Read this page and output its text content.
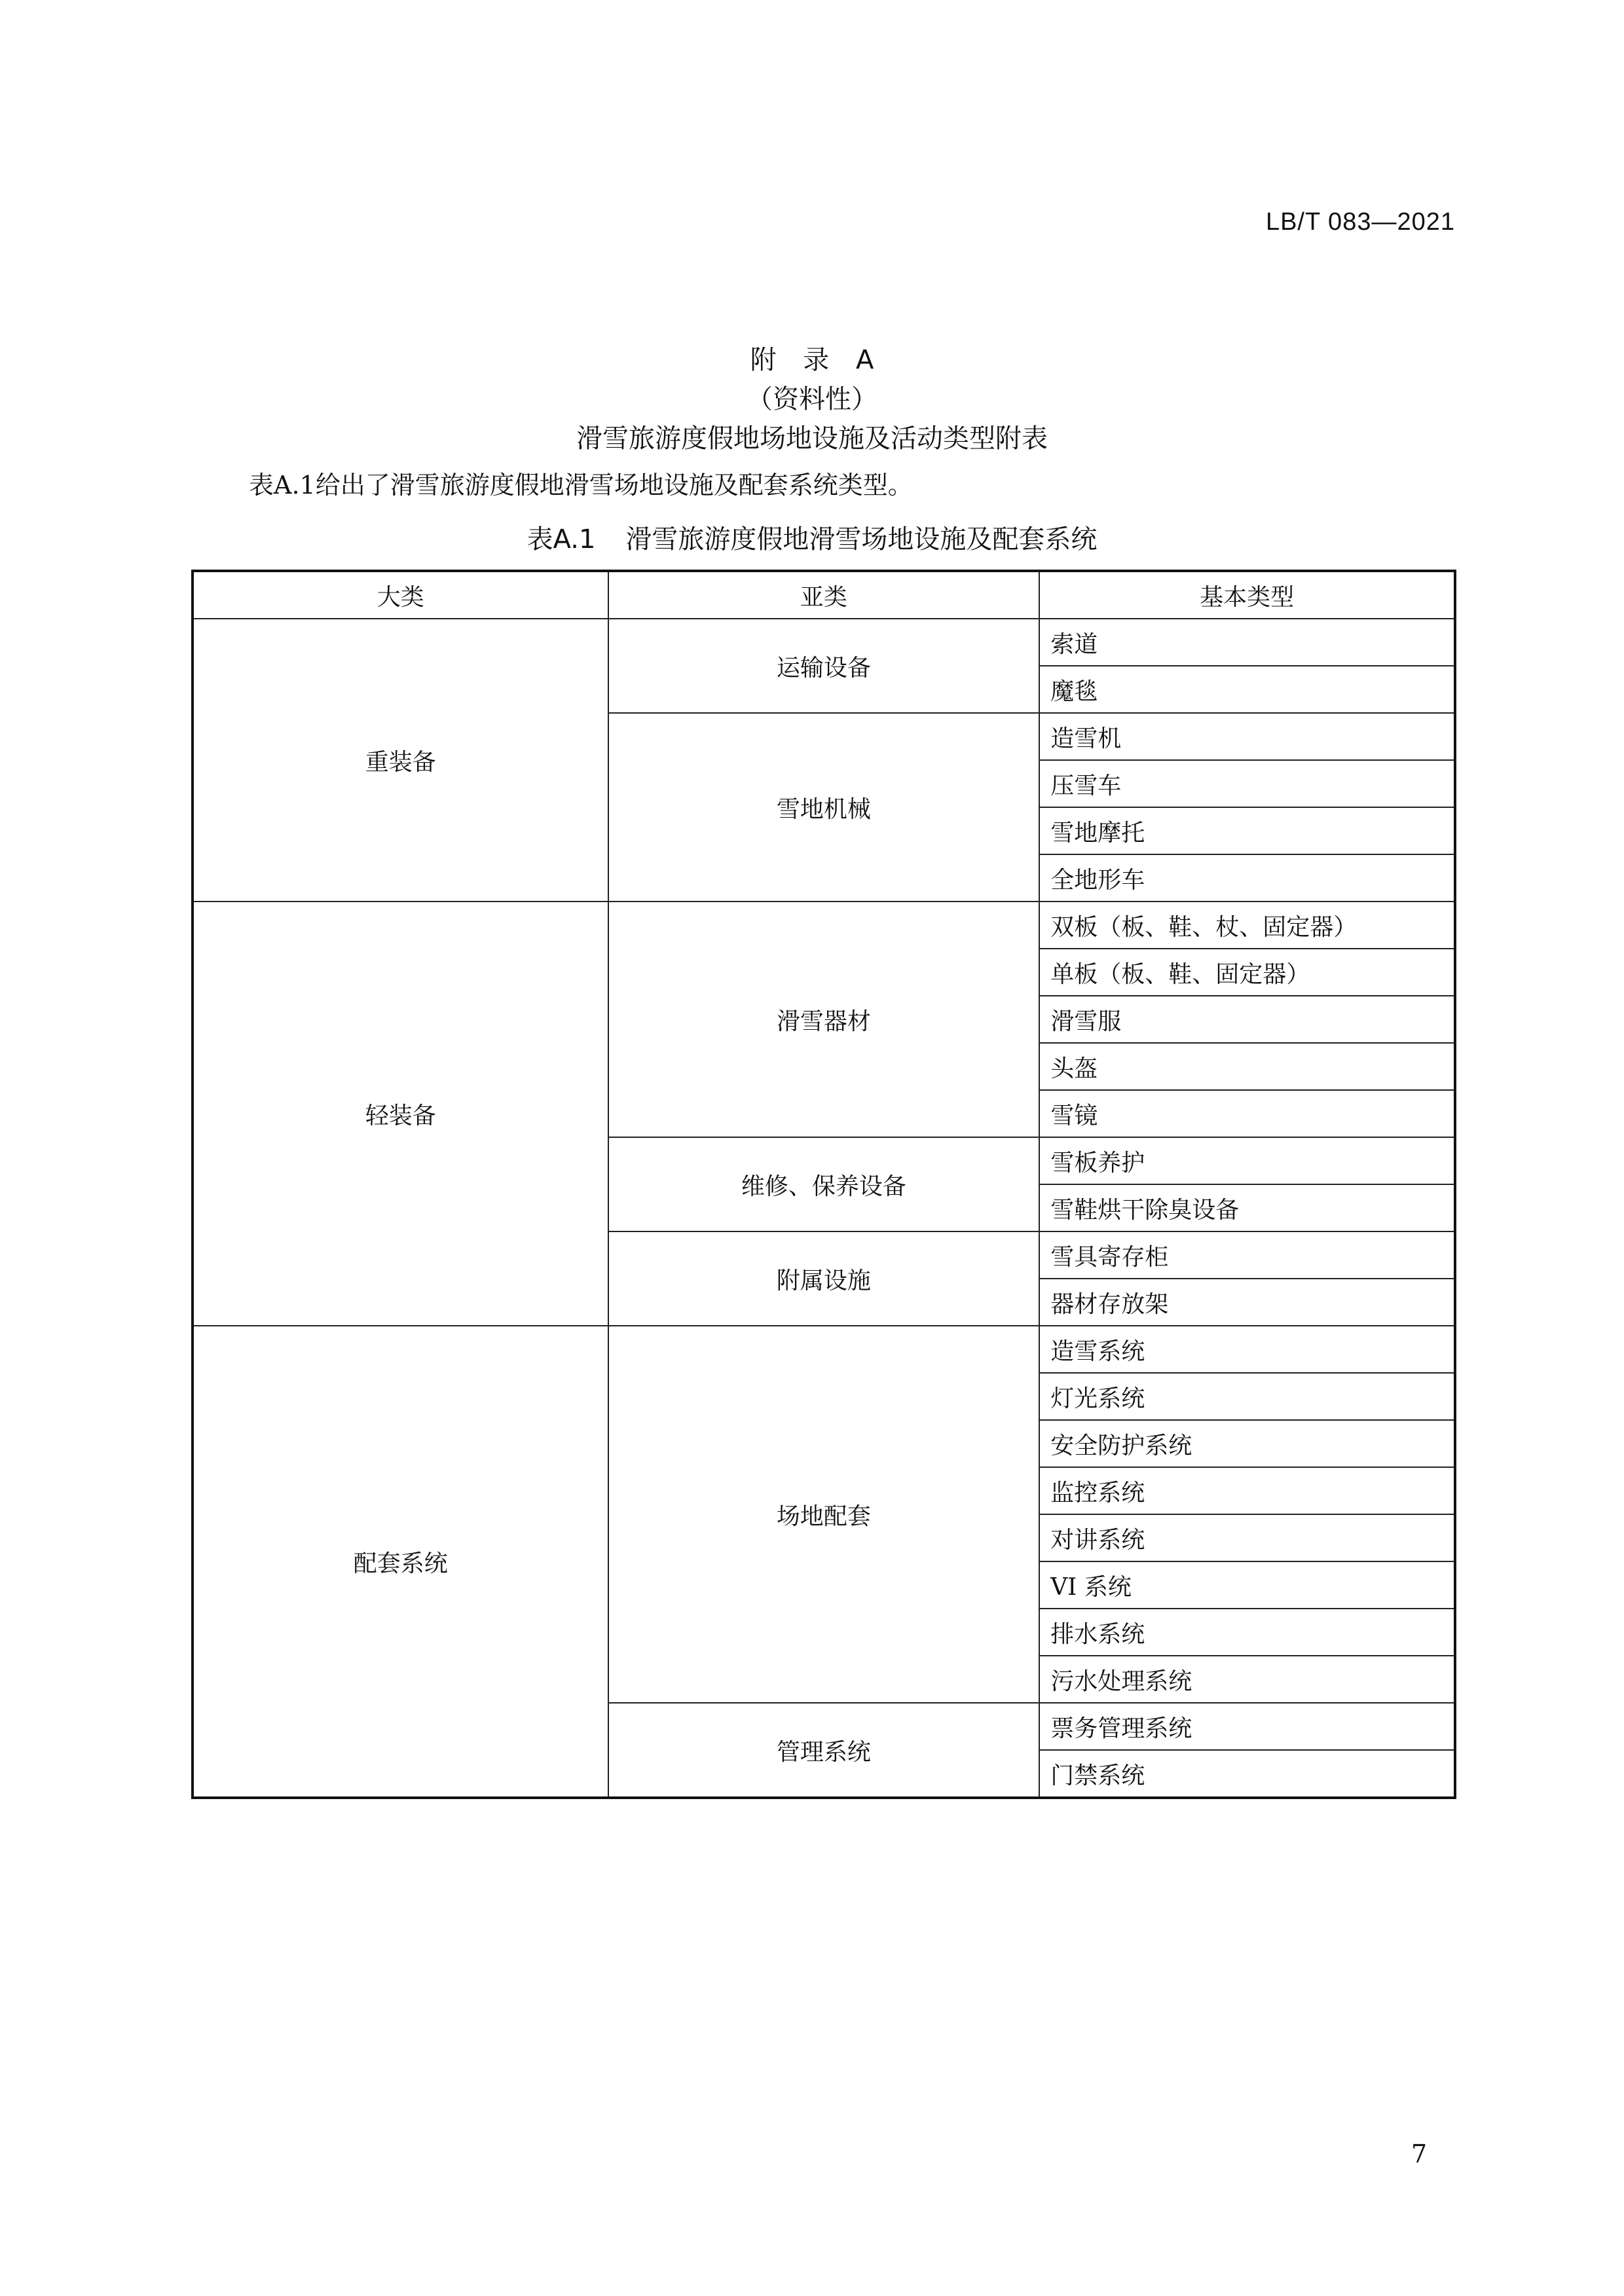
LB/T 083—2021
附 录 A
（资料性）
滑雪旅游度假地场地设施及活动类型附表
表A.1给出了滑雪旅游度假地滑雪场地设施及配套系统类型。
表A.1 滑雪旅游度假地滑雪场地设施及配套系统
大类	亚类	基本类型
重装备	运输设备	索道
		魔毯
	雪地机械	造雪机
		压雪车
		雪地摩托
		全地形车
轻装备	滑雪器材	双板（板、鞋、杖、固定器）
		单板（板、鞋、固定器）
		滑雪服
		头盔
		雪镜
	维修、保养设备	雪板养护
		雪鞋烘干除臭设备
	附属设施	雪具寄存柜
		器材存放架
配套系统	场地配套	造雪系统
		灯光系统
		安全防护系统
		监控系统
		对讲系统
		VI 系统
		排水系统
		污水处理系统
	管理系统	票务管理系统
		门禁系统
7
